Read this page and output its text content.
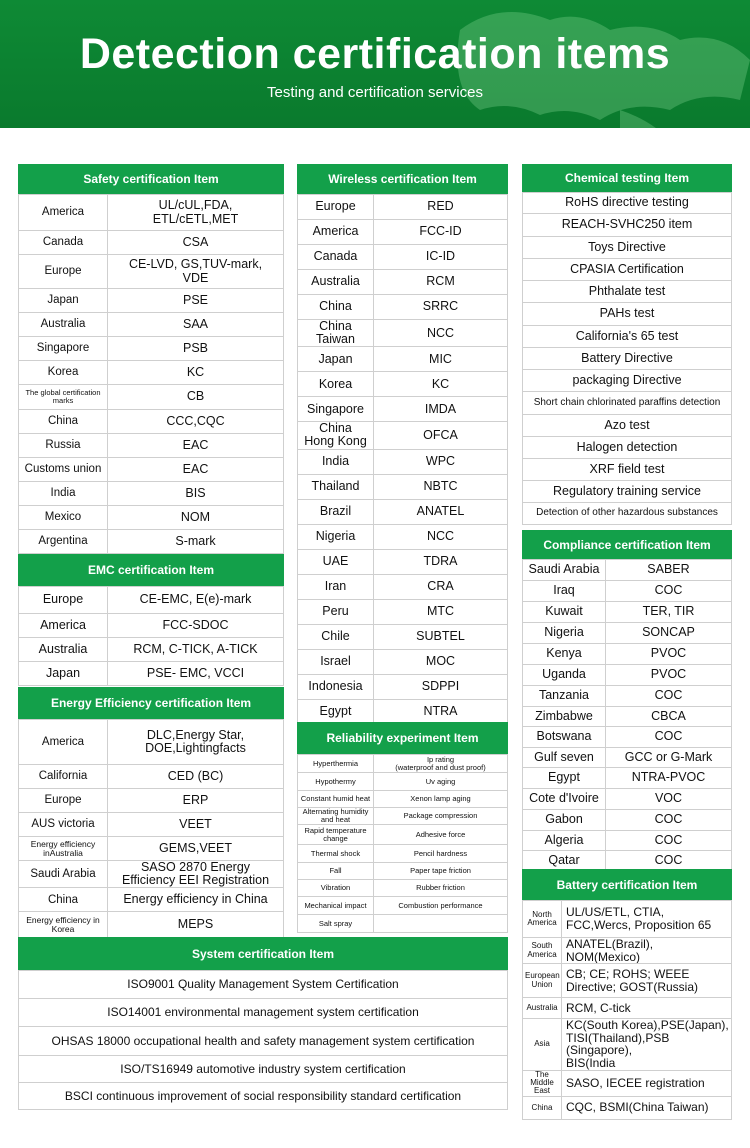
Detection certification items
Testing and certification services
Safety certification Item
America	UL/cUL,FDA,
ETL/cETL,MET
Canada	CSA
Europe	CE-LVD, GS,TUV-mark,
VDE
Japan	PSE
Australia	SAA
Singapore	PSB
Korea	KC
The global certification marks	CB
China	CCC,CQC
Russia	EAC
Customs union	EAC
India	BIS
Mexico	NOM
Argentina	S-mark
EMC certification Item
Europe	CE-EMC, E(e)-mark
America	FCC-SDOC
Australia	RCM, C-TICK, A-TICK
Japan	PSE- EMC, VCCI
Energy Efficiency certification Item
America	DLC,Energy Star,
DOE,Lightingfacts
California	CED (BC)
Europe	ERP
AUS victoria	VEET
Energy efficiency inAustralia	GEMS,VEET
Saudi Arabia	SASO 2870 Energy
Efficiency EEI Registration
China	Energy efficiency in China
Energy efficiency in Korea	MEPS
System certification Item
ISO9001 Quality Management System Certification
ISO14001 environmental management system certification
OHSAS 18000 occupational health and safety management system certification
ISO/TS16949 automotive industry system certification
BSCI continuous improvement of social responsibility standard certification
Wireless certification Item
Europe	RED
America	FCC-ID
Canada	IC-ID
Australia	RCM
China	SRRC
China
Taiwan	NCC
Japan	MIC
Korea	KC
Singapore	IMDA
China
Hong Kong	OFCA
India	WPC
Thailand	NBTC
Brazil	ANATEL
Nigeria	NCC
UAE	TDRA
Iran	CRA
Peru	MTC
Chile	SUBTEL
Israel	MOC
Indonesia	SDPPI
Egypt	NTRA
Reliability experiment Item
Hyperthermia	Ip rating
(waterproof and dust proof)
Hypothermy	Uv aging
Constant humid heat	Xenon lamp aging
Alternating humidity and heat	Package compression
Rapid temperature change	Adhesive force
Thermal shock	Pencil hardness
Fall	Paper tape friction
Vibration	Rubber friction
Mechanical impact	Combustion performance
Salt spray	
Chemical testing Item
RoHS directive testing
REACH-SVHC250 item
Toys Directive
CPASIA Certification
Phthalate test
PAHs test
California's 65 test
Battery Directive
packaging Directive
Short chain chlorinated paraffins detection
Azo test
Halogen detection
XRF field test
Regulatory training service
Detection of other hazardous substances
Compliance certification Item
Saudi Arabia	SABER
Iraq	COC
Kuwait	TER, TIR
Nigeria	SONCAP
Kenya	PVOC
Uganda	PVOC
Tanzania	COC
Zimbabwe	CBCA
Botswana	COC
Gulf seven	GCC or G-Mark
Egypt	NTRA-PVOC
Cote d'Ivoire	VOC
Gabon	COC
Algeria	COC
Qatar	COC
Battery certification Item
North America	UL/US/ETL, CTIA,
FCC,Wercs, Proposition 65
South America	ANATEL(Brazil), NOM(Mexico)
European Union	CB; CE; ROHS; WEEE
Directive; GOST(Russia)
Australia	RCM, C-tick
Asia	KC(South Korea),PSE(Japan),
TISI(Thailand),PSB (Singapore),
BIS(India
The Middle East	SASO, IECEE registration
China	CQC, BSMI(China Taiwan)
